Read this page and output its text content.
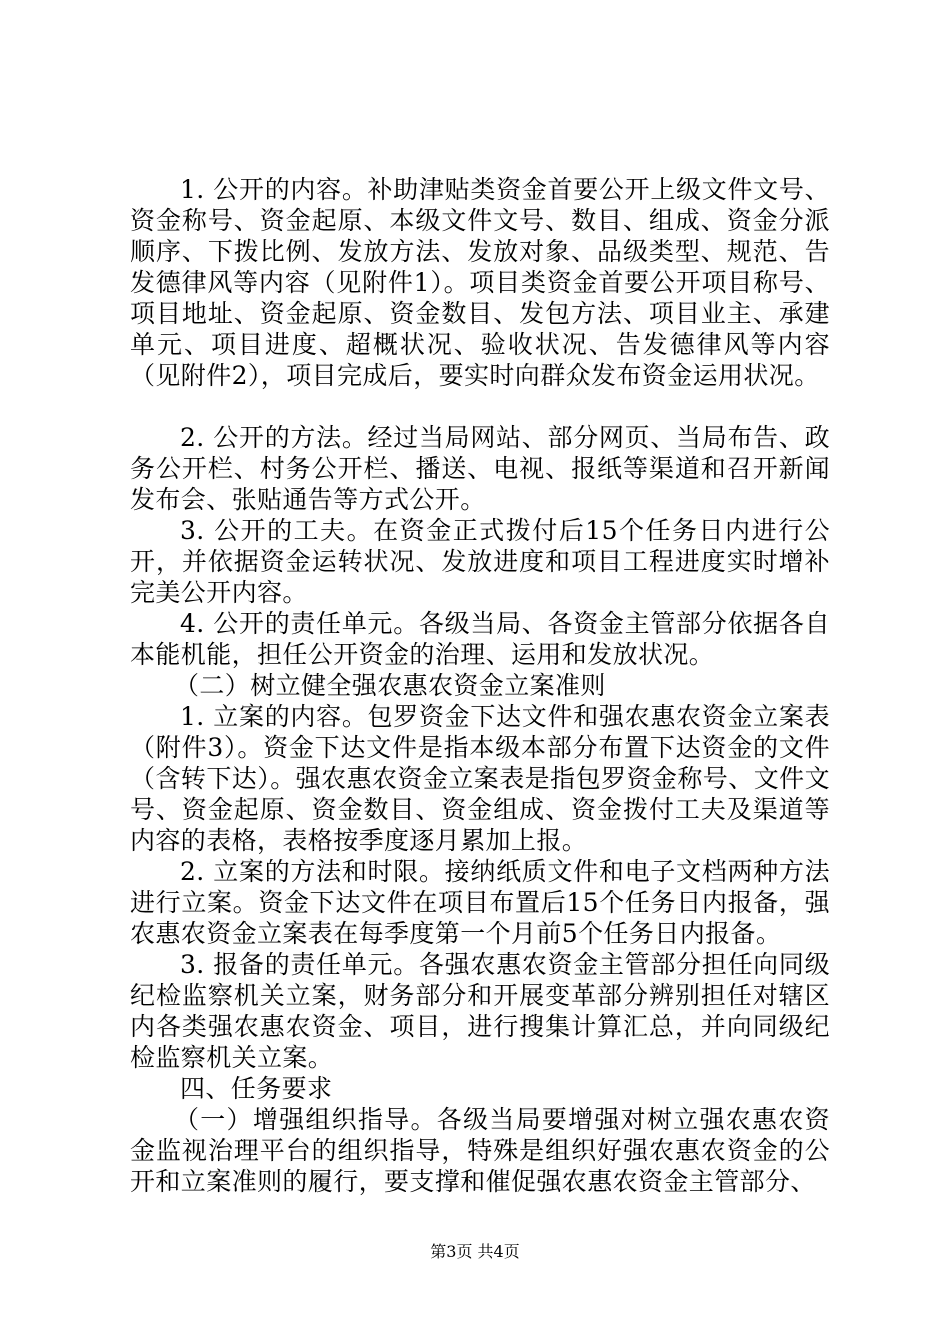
1. 公开的内容。补助津贴类资金首要公开上级文件文号、资金称号、资金起原、本级文件文号、数目、组成、资金分派顺序、下拨比例、发放方法、发放对象、品级类型、规范、告发德律风等内容（见附件1）。项目类资金首要公开项目称号、项目地址、资金起原、资金数目、发包方法、项目业主、承建单元、项目进度、超概状况、验收状况、告发德律风等内容（见附件2），项目完成后，要实时向群众发布资金运用状况。

2. 公开的方法。经过当局网站、部分网页、当局布告、政务公开栏、村务公开栏、播送、电视、报纸等渠道和召开新闻发布会、张贴通告等方式公开。

3. 公开的工夫。在资金正式拨付后15个任务日内进行公开，并依据资金运转状况、发放进度和项目工程进度实时增补完美公开内容。

4. 公开的责任单元。各级当局、各资金主管部分依据各自本能机能，担任公开资金的治理、运用和发放状况。

（二）树立健全强农惠农资金立案准则

1. 立案的内容。包罗资金下达文件和强农惠农资金立案表（附件3）。资金下达文件是指本级本部分布置下达资金的文件（含转下达）。强农惠农资金立案表是指包罗资金称号、文件文号、资金起原、资金数目、资金组成、资金拨付工夫及渠道等内容的表格，表格按季度逐月累加上报。

2. 立案的方法和时限。接纳纸质文件和电子文档两种方法进行立案。资金下达文件在项目布置后15个任务日内报备，强农惠农资金立案表在每季度第一个月前5个任务日内报备。

3. 报备的责任单元。各强农惠农资金主管部分担任向同级纪检监察机关立案，财务部分和开展变革部分辨别担任对辖区内各类强农惠农资金、项目，进行搜集计算汇总，并向同级纪检监察机关立案。

四、任务要求

（一）增强组织指导。各级当局要增强对树立强农惠农资金监视治理平台的组织指导，特殊是组织好强农惠农资金的公开和立案准则的履行，要支撑和催促强农惠农资金主管部分、

第3页 共4页
